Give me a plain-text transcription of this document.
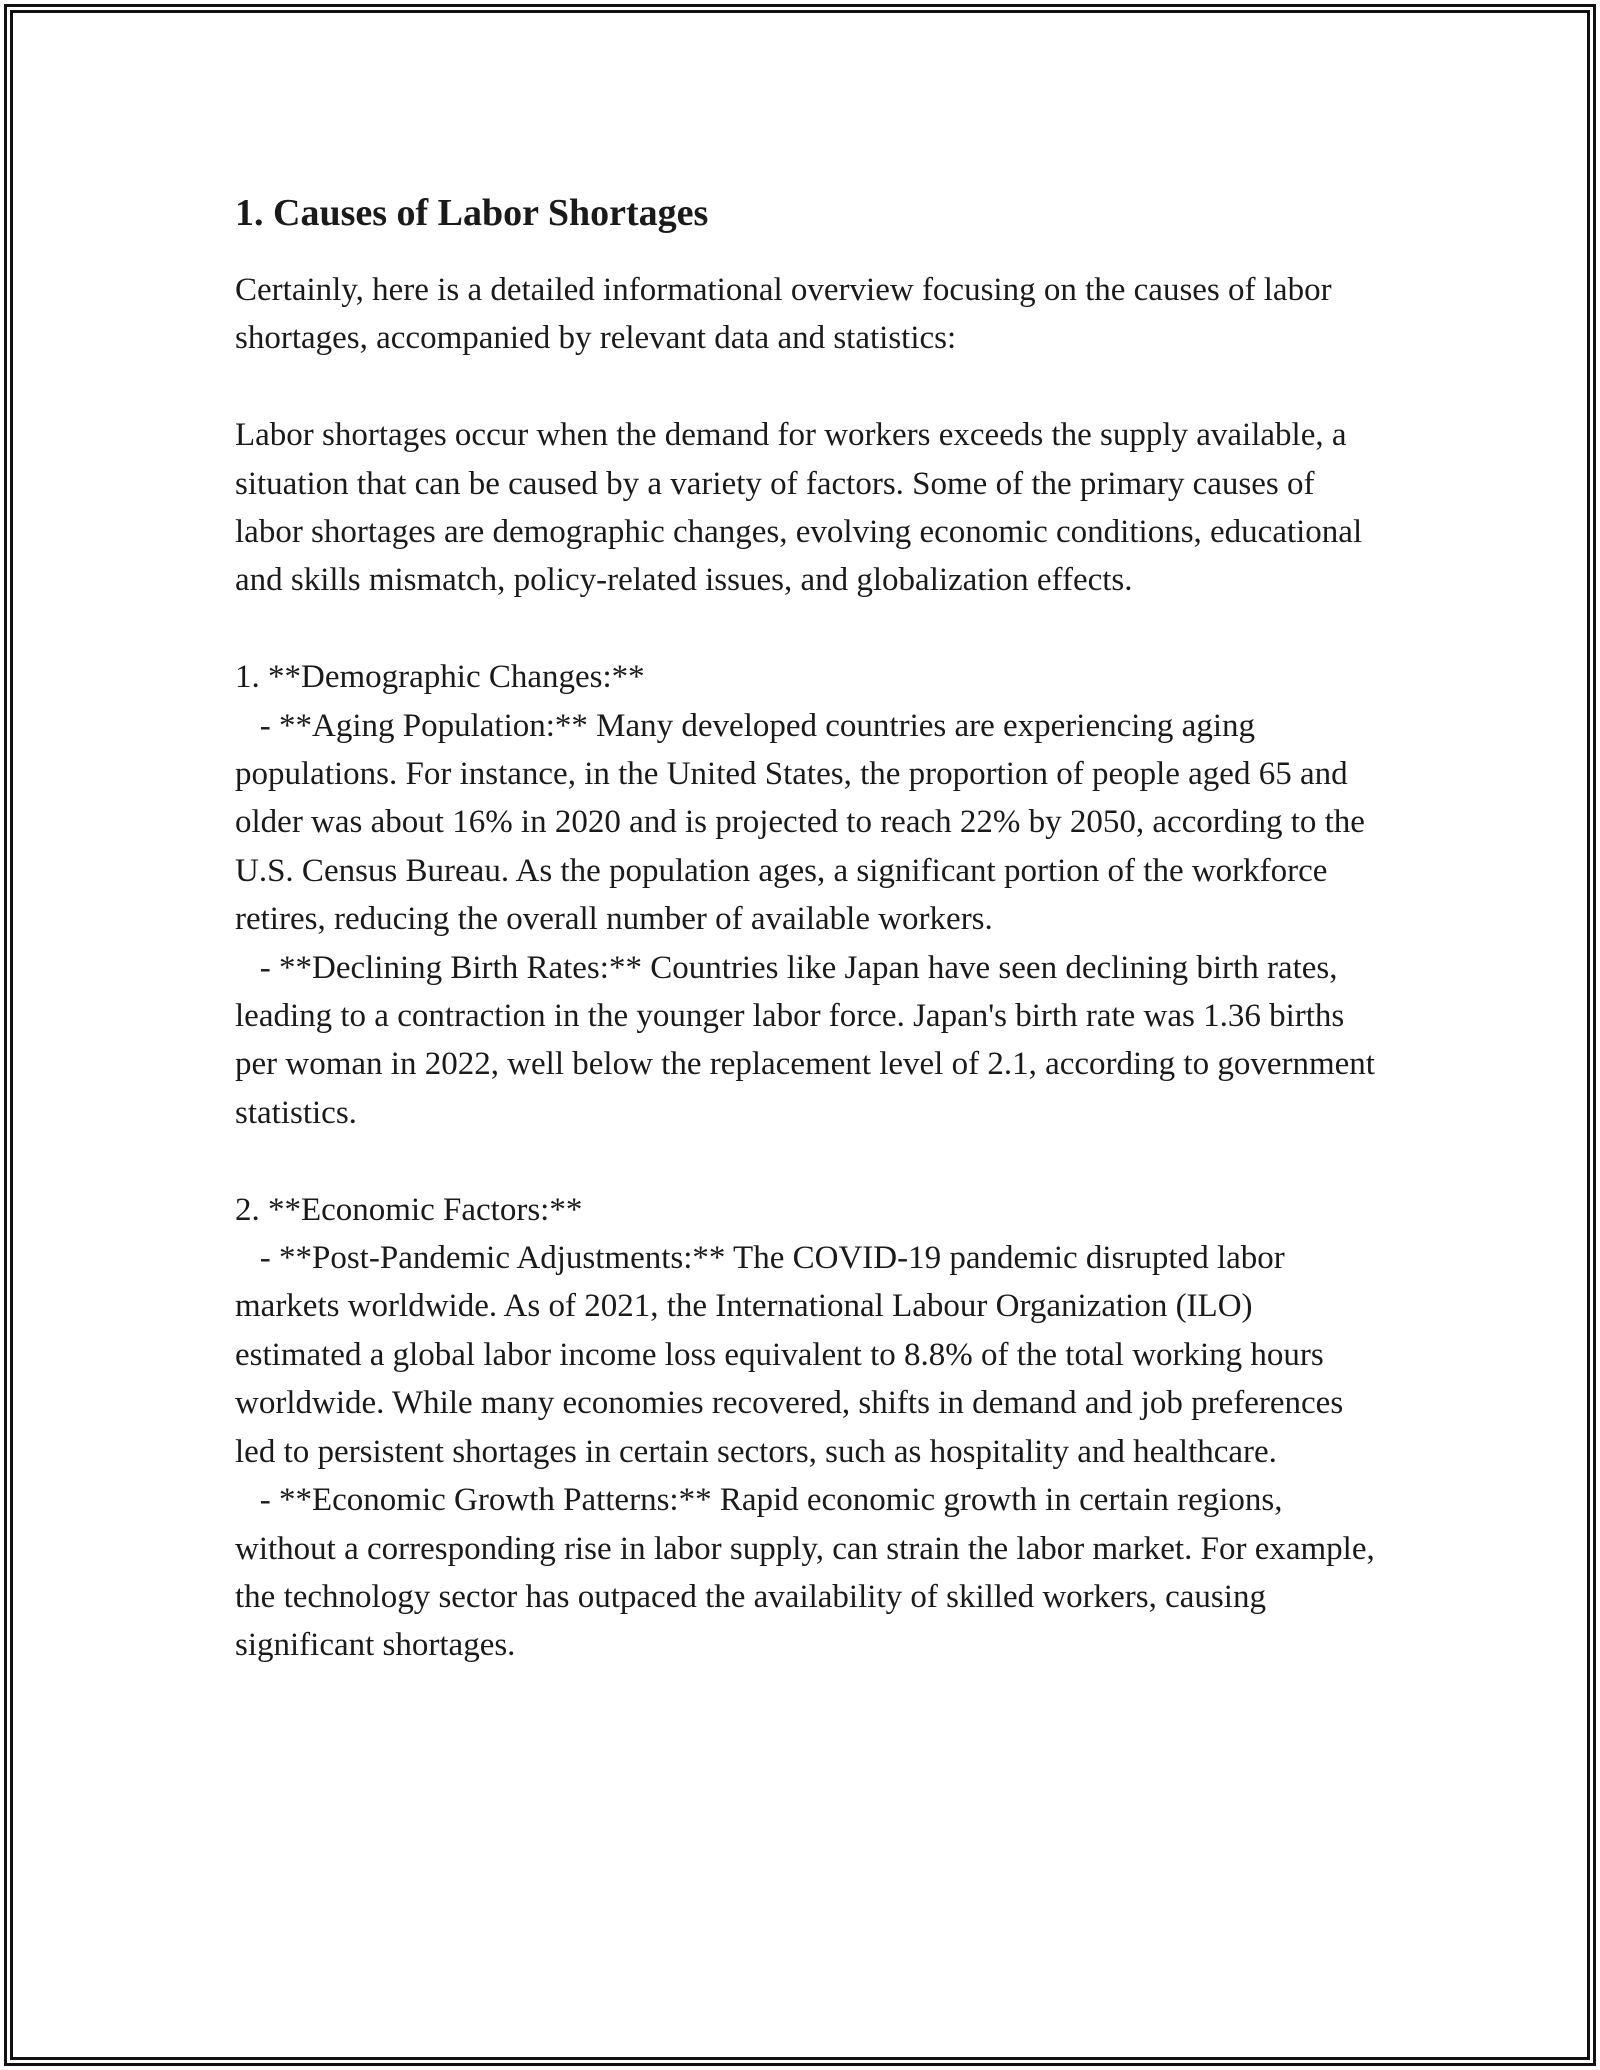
1. Causes of Labor Shortages

Certainly, here is a detailed informational overview focusing on the causes of labor shortages, accompanied by relevant data and statistics:

Labor shortages occur when the demand for workers exceeds the supply available, a situation that can be caused by a variety of factors. Some of the primary causes of labor shortages are demographic changes, evolving economic conditions, educational and skills mismatch, policy-related issues, and globalization effects.

1. **Demographic Changes:**

- **Aging Population:** Many developed countries are experiencing aging populations. For instance, in the United States, the proportion of people aged 65 and older was about 16% in 2020 and is projected to reach 22% by 2050, according to the U.S. Census Bureau. As the population ages, a significant portion of the workforce retires, reducing the overall number of available workers.

- **Declining Birth Rates:** Countries like Japan have seen declining birth rates, leading to a contraction in the younger labor force. Japan's birth rate was 1.36 births per woman in 2022, well below the replacement level of 2.1, according to government statistics.

2. **Economic Factors:**

- **Post-Pandemic Adjustments:** The COVID-19 pandemic disrupted labor markets worldwide. As of 2021, the International Labour Organization (ILO) estimated a global labor income loss equivalent to 8.8% of the total working hours worldwide. While many economies recovered, shifts in demand and job preferences led to persistent shortages in certain sectors, such as hospitality and healthcare.

- **Economic Growth Patterns:** Rapid economic growth in certain regions, without a corresponding rise in labor supply, can strain the labor market. For example, the technology sector has outpaced the availability of skilled workers, causing significant shortages.
